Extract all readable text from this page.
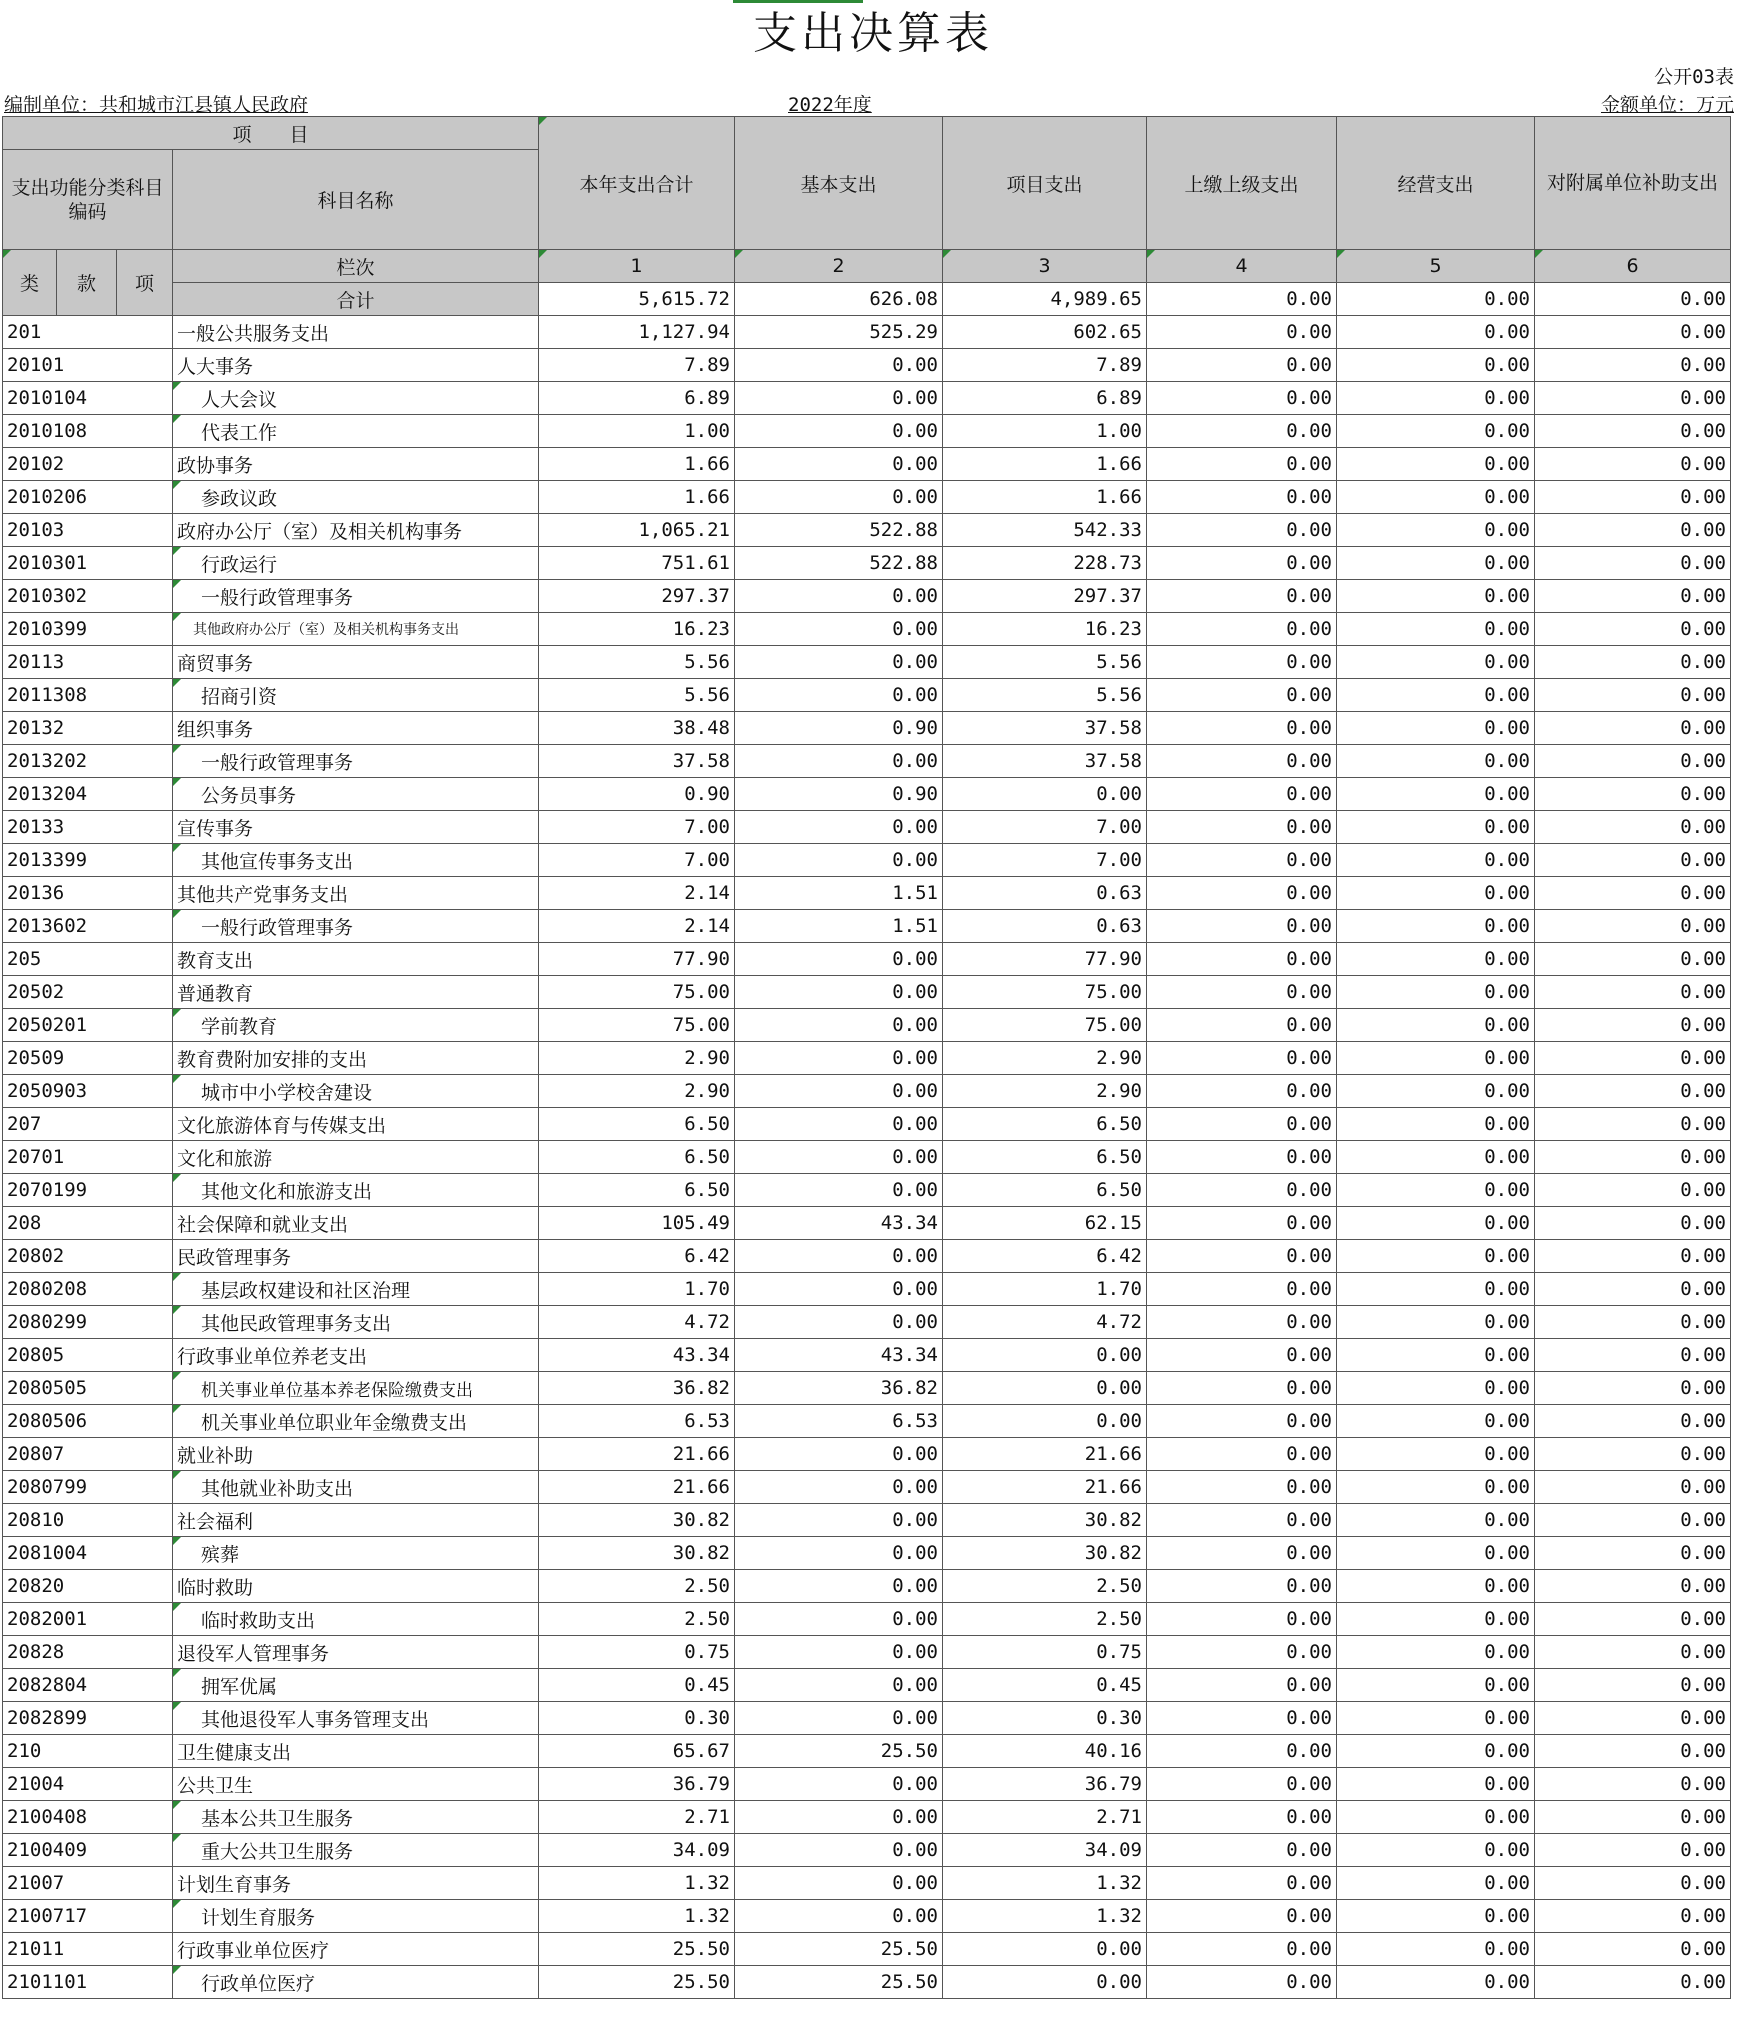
支出决算表
公开03表
编制单位：共和城市江县镇人民政府	2022年度	金额单位：万元
项　　目				本年支出合计	基本支出	项目支出	上缴上级支出	经营支出	对附属单位补助支出
支出功能分类科目编码			科目名称						
类	款	项	栏次	1	2	3	4	5	6
			合计	5,615.72	626.08	4,989.65	0.00	0.00	0.00
201			一般公共服务支出	1,127.94	525.29	602.65	0.00	0.00	0.00
20101			人大事务	7.89	0.00	7.89	0.00	0.00	0.00
2010104			人大会议	6.89	0.00	6.89	0.00	0.00	0.00
2010108			代表工作	1.00	0.00	1.00	0.00	0.00	0.00
20102			政协事务	1.66	0.00	1.66	0.00	0.00	0.00
2010206			参政议政	1.66	0.00	1.66	0.00	0.00	0.00
20103			政府办公厅（室）及相关机构事务	1,065.21	522.88	542.33	0.00	0.00	0.00
2010301			行政运行	751.61	522.88	228.73	0.00	0.00	0.00
2010302			一般行政管理事务	297.37	0.00	297.37	0.00	0.00	0.00
2010399			其他政府办公厅（室）及相关机构事务支出	16.23	0.00	16.23	0.00	0.00	0.00
20113			商贸事务	5.56	0.00	5.56	0.00	0.00	0.00
2011308			招商引资	5.56	0.00	5.56	0.00	0.00	0.00
20132			组织事务	38.48	0.90	37.58	0.00	0.00	0.00
2013202			一般行政管理事务	37.58	0.00	37.58	0.00	0.00	0.00
2013204			公务员事务	0.90	0.90	0.00	0.00	0.00	0.00
20133			宣传事务	7.00	0.00	7.00	0.00	0.00	0.00
2013399			其他宣传事务支出	7.00	0.00	7.00	0.00	0.00	0.00
20136			其他共产党事务支出	2.14	1.51	0.63	0.00	0.00	0.00
2013602			一般行政管理事务	2.14	1.51	0.63	0.00	0.00	0.00
205			教育支出	77.90	0.00	77.90	0.00	0.00	0.00
20502			普通教育	75.00	0.00	75.00	0.00	0.00	0.00
2050201			学前教育	75.00	0.00	75.00	0.00	0.00	0.00
20509			教育费附加安排的支出	2.90	0.00	2.90	0.00	0.00	0.00
2050903			城市中小学校舍建设	2.90	0.00	2.90	0.00	0.00	0.00
207			文化旅游体育与传媒支出	6.50	0.00	6.50	0.00	0.00	0.00
20701			文化和旅游	6.50	0.00	6.50	0.00	0.00	0.00
2070199			其他文化和旅游支出	6.50	0.00	6.50	0.00	0.00	0.00
208			社会保障和就业支出	105.49	43.34	62.15	0.00	0.00	0.00
20802			民政管理事务	6.42	0.00	6.42	0.00	0.00	0.00
2080208			基层政权建设和社区治理	1.70	0.00	1.70	0.00	0.00	0.00
2080299			其他民政管理事务支出	4.72	0.00	4.72	0.00	0.00	0.00
20805			行政事业单位养老支出	43.34	43.34	0.00	0.00	0.00	0.00
2080505			机关事业单位基本养老保险缴费支出	36.82	36.82	0.00	0.00	0.00	0.00
2080506			机关事业单位职业年金缴费支出	6.53	6.53	0.00	0.00	0.00	0.00
20807			就业补助	21.66	0.00	21.66	0.00	0.00	0.00
2080799			其他就业补助支出	21.66	0.00	21.66	0.00	0.00	0.00
20810			社会福利	30.82	0.00	30.82	0.00	0.00	0.00
2081004			殡葬	30.82	0.00	30.82	0.00	0.00	0.00
20820			临时救助	2.50	0.00	2.50	0.00	0.00	0.00
2082001			临时救助支出	2.50	0.00	2.50	0.00	0.00	0.00
20828			退役军人管理事务	0.75	0.00	0.75	0.00	0.00	0.00
2082804			拥军优属	0.45	0.00	0.45	0.00	0.00	0.00
2082899			其他退役军人事务管理支出	0.30	0.00	0.30	0.00	0.00	0.00
210			卫生健康支出	65.67	25.50	40.16	0.00	0.00	0.00
21004			公共卫生	36.79	0.00	36.79	0.00	0.00	0.00
2100408			基本公共卫生服务	2.71	0.00	2.71	0.00	0.00	0.00
2100409			重大公共卫生服务	34.09	0.00	34.09	0.00	0.00	0.00
21007			计划生育事务	1.32	0.00	1.32	0.00	0.00	0.00
2100717			计划生育服务	1.32	0.00	1.32	0.00	0.00	0.00
21011			行政事业单位医疗	25.50	25.50	0.00	0.00	0.00	0.00
2101101			行政单位医疗	25.50	25.50	0.00	0.00	0.00	0.00
